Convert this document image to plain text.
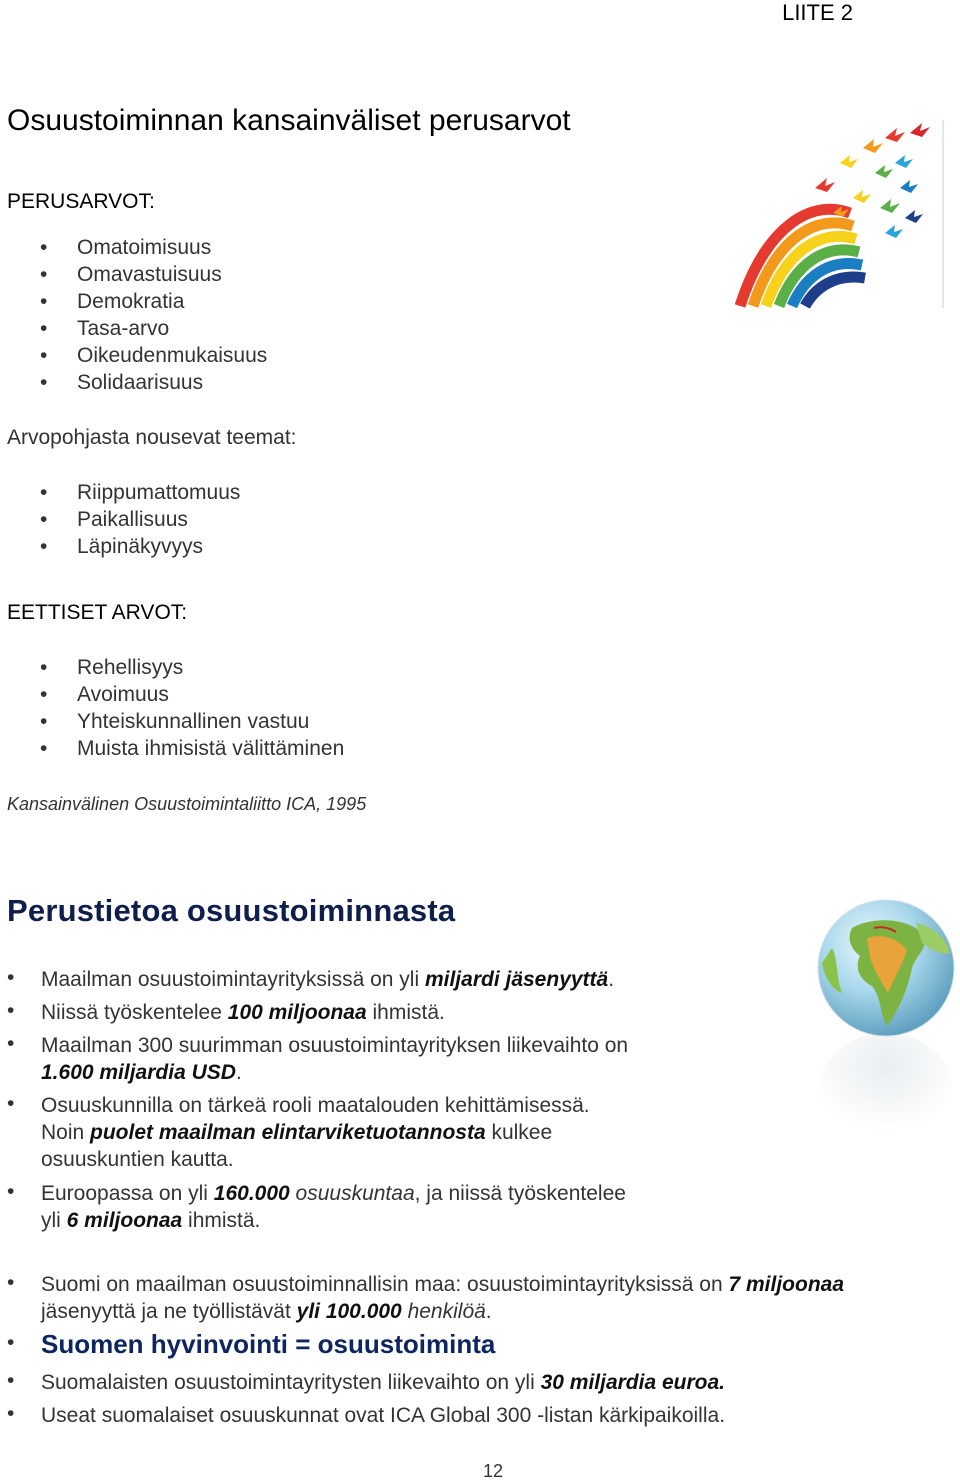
LIITE 2
Osuustoiminnan kansainväliset perusarvot
PERUSARVOT:
• Omatoimisuus
• Omavastuisuus
• Demokratia
• Tasa-arvo
• Oikeudenmukaisuus
• Solidaarisuus
Arvopohjasta nousevat teemat:
• Riippumattomuus
• Paikallisuus
• Läpinäkyvyys
EETTISET ARVOT:
• Rehellisyys
• Avoimuus
• Yhteiskunnallinen vastuu
• Muista ihmisistä välittäminen
Kansainvälinen Osuustoimintaliitto ICA, 1995
Perustietoa osuustoiminnasta
• Maailman osuustoimintayrityksissä on yli miljardi jäsenyyttä.
• Niissä työskentelee 100 miljoonaa ihmistä.
• Maailman 300 suurimman osuustoimintayrityksen liikevaihto on
1.600 miljardia USD.
• Osuuskunnilla on tärkeä rooli maatalouden kehittämisessä.
Noin puolet maailman elintarviketuotannosta kulkee
osuuskuntien kautta.
• Euroopassa on yli 160.000 osuuskuntaa, ja niissä työskentelee
yli 6 miljoonaa ihmistä.
• Suomi on maailman osuustoiminnallisin maa: osuustoimintayrityksissä on 7 miljoonaa
jäsenyyttä ja ne työllistävät yli 100.000 henkilöä.
• Suomen hyvinvointi = osuustoiminta
• Suomalaisten osuustoimintayritysten liikevaihto on yli 30 miljardia euroa.
• Useat suomalaiset osuuskunnat ovat ICA Global 300 -listan kärkipaikoilla.
12
